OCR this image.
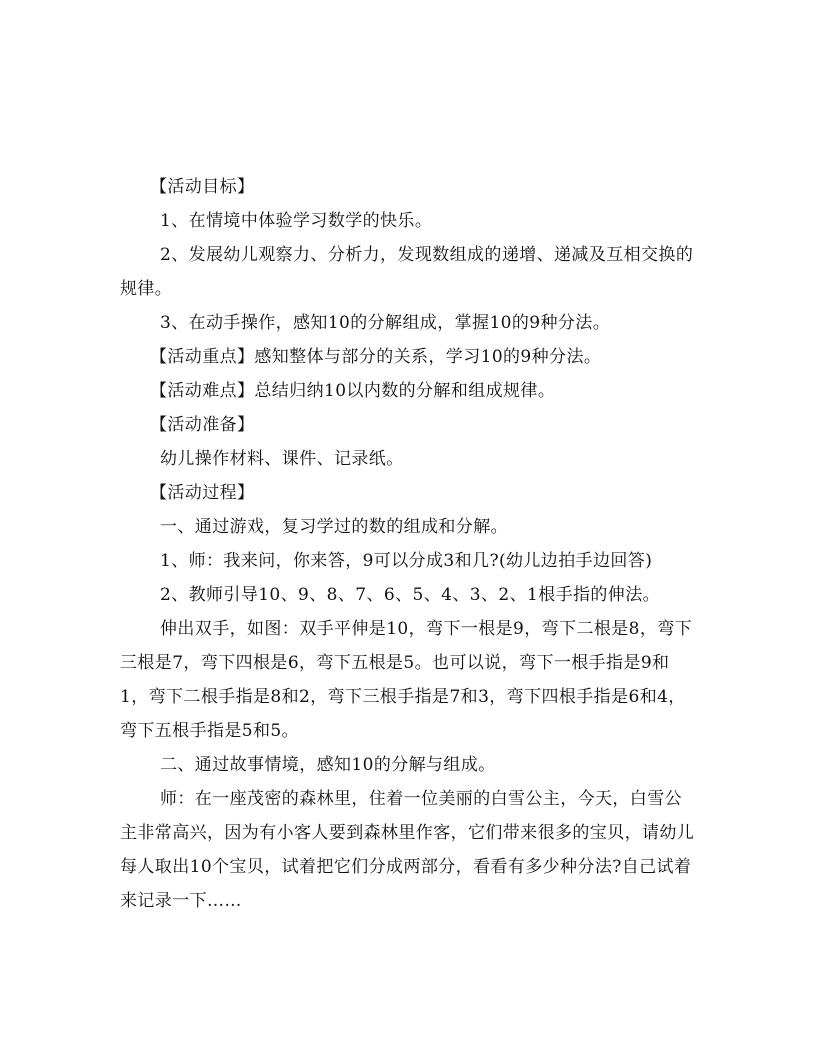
【活动目标】

1、在情境中体验学习数学的快乐。

2、发展幼儿观察力、分析力，发现数组成的递增、递减及互相交换的规律。

3、在动手操作，感知10的分解组成，掌握10的9种分法。

【活动重点】感知整体与部分的关系，学习10的9种分法。

【活动难点】总结归纳10以内数的分解和组成规律。

【活动准备】

幼儿操作材料、课件、记录纸。

【活动过程】

一、通过游戏，复习学过的数的组成和分解。

1、师：我来问，你来答，9可以分成3和几?(幼儿边拍手边回答)

2、教师引导10、9、8、7、6、5、4、3、2、1根手指的伸法。

伸出双手，如图：双手平伸是10，弯下一根是9，弯下二根是8，弯下三根是7，弯下四根是6，弯下五根是5。也可以说，弯下一根手指是9和1，弯下二根手指是8和2，弯下三根手指是7和3，弯下四根手指是6和4，弯下五根手指是5和5。

二、通过故事情境，感知10的分解与组成。

师：在一座茂密的森林里，住着一位美丽的白雪公主，今天，白雪公主非常高兴，因为有小客人要到森林里作客，它们带来很多的宝贝，请幼儿每人取出10个宝贝，试着把它们分成两部分，看看有多少种分法?自己试着来记录一下……
